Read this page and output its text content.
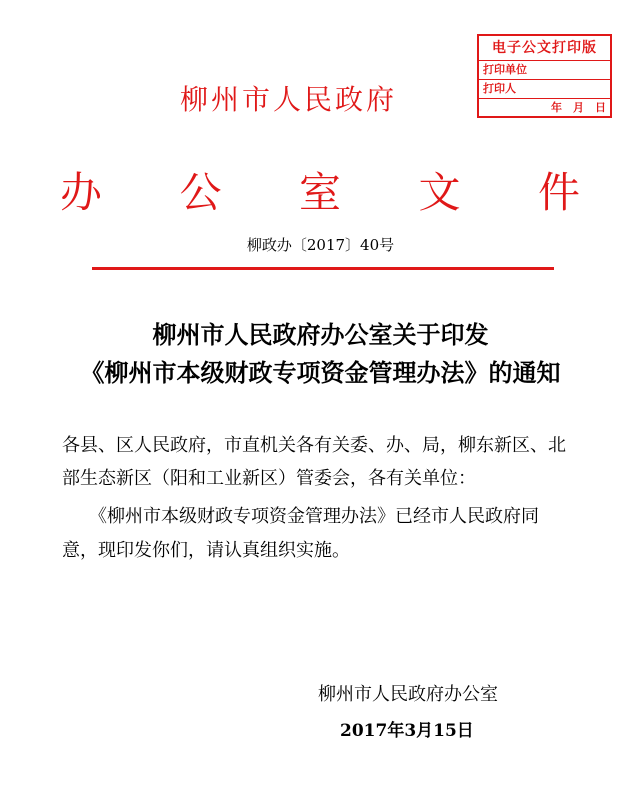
电子公文打印版
打印单位
打印人
年　月　日
柳州市人民政府
办 公 室 文 件
柳政办〔2017〕40号
柳州市人民政府办公室关于印发
《柳州市本级财政专项资金管理办法》的通知
各县、区人民政府，市直机关各有关委、办、局，柳东新区、北
部生态新区（阳和工业新区）管委会，各有关单位：
　　《柳州市本级财政专项资金管理办法》已经市人民政府同
意，现印发你们，请认真组织实施。
柳州市人民政府办公室
2017年3月15日
